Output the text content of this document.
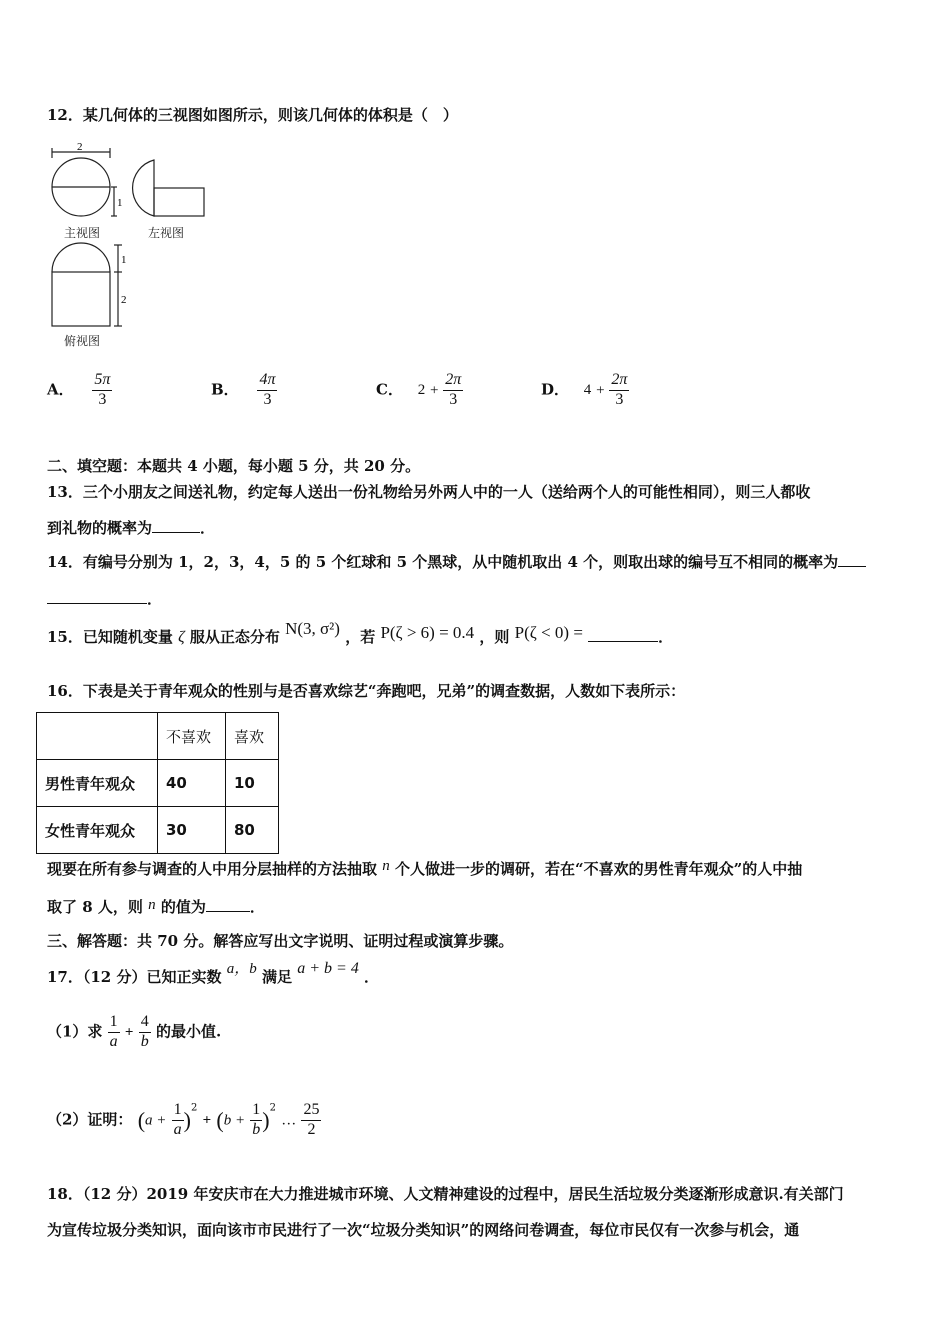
12．某几何体的三视图如图所示，则该几何体的体积是（　）
2
1
1
2
主视图	左视图
俯视图
A． $\frac{5\pi}{3}$	B． $\frac{4\pi}{3}$	C． $2 + \frac{2\pi}{3}$	D． $4 + \frac{2\pi}{3}$
二、填空题：本题共 4 小题，每小题 5 分，共 20 分。
13．三个小朋友之间送礼物，约定每人送出一份礼物给另外两人中的一人（送给两个人的可能性相同），则三人都收
到礼物的概率为	．
14．有编号分别为 1，2，3，4，5 的 5 个红球和 5 个黑球，从中随机取出 4 个，则取出球的编号互不相同的概率为
．
15．已知随机变量 ζ 服从正态分布 N(3, σ²) ，若 P(ζ > 6) = 0.4 ，则 P(ζ < 0) =	．
16．下表是关于青年观众的性别与是否喜欢综艺“奔跑吧，兄弟”的调查数据，人数如下表所示：
	不喜欢	喜欢
男性青年观众	40	10
女性青年观众	30	80
现要在所有参与调查的人中用分层抽样的方法抽取 n 个人做进一步的调研，若在“不喜欢的男性青年观众”的人中抽
取了 8 人，则 n 的值为	．
三、解答题：共 70 分。解答应写出文字说明、证明过程或演算步骤。
17．（12 分）已知正实数 a，b 满足 a + b = 4 ．
（1）求 $\frac{1}{a} + \frac{4}{b}$ 的最小值.
（2）证明： $(a + \frac{1}{a} )^2 + (b + \frac{1}{b} )^2$ … $\frac{25}{2}$
18．（12 分）2019 年安庆市在大力推进城市环境、人文精神建设的过程中，居民生活垃圾分类逐渐形成意识.有关部门
为宣传垃圾分类知识，面向该市市民进行了一次“垃圾分类知识”的网络问卷调查，每位市民仅有一次参与机会，通
